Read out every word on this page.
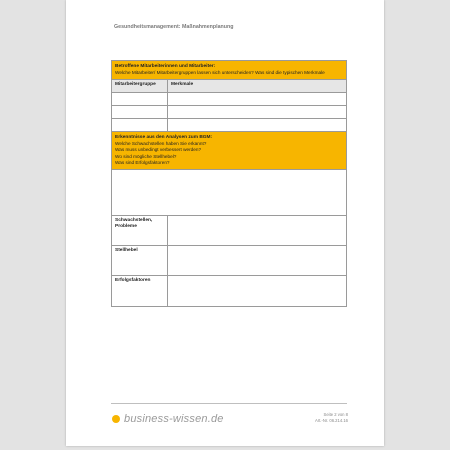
Gesundheitsmanagement: Maßnahmenplanung
Betroffene Mitarbeiterinnen und Mitarbeiter:
Welche Mitarbeiter/ Mitarbeitergruppen lassen sich unterscheiden? Was sind die typischen Merkmale
Mitarbeitergruppe	Merkmale
Erkenntnisse aus den Analysen zum BGM:
Welche Schwachstellen haben Sie erkannt?
Was muss unbedingt verbessert werden?
Wo sind mögliche Stellhebel?
Was sind Erfolgsfaktoren?
Schwachstellen, Probleme
Stellhebel
Erfolgsfaktoren
business-wissen.de	Seite 2 von 8
Art.-Nr. 06.214.16
